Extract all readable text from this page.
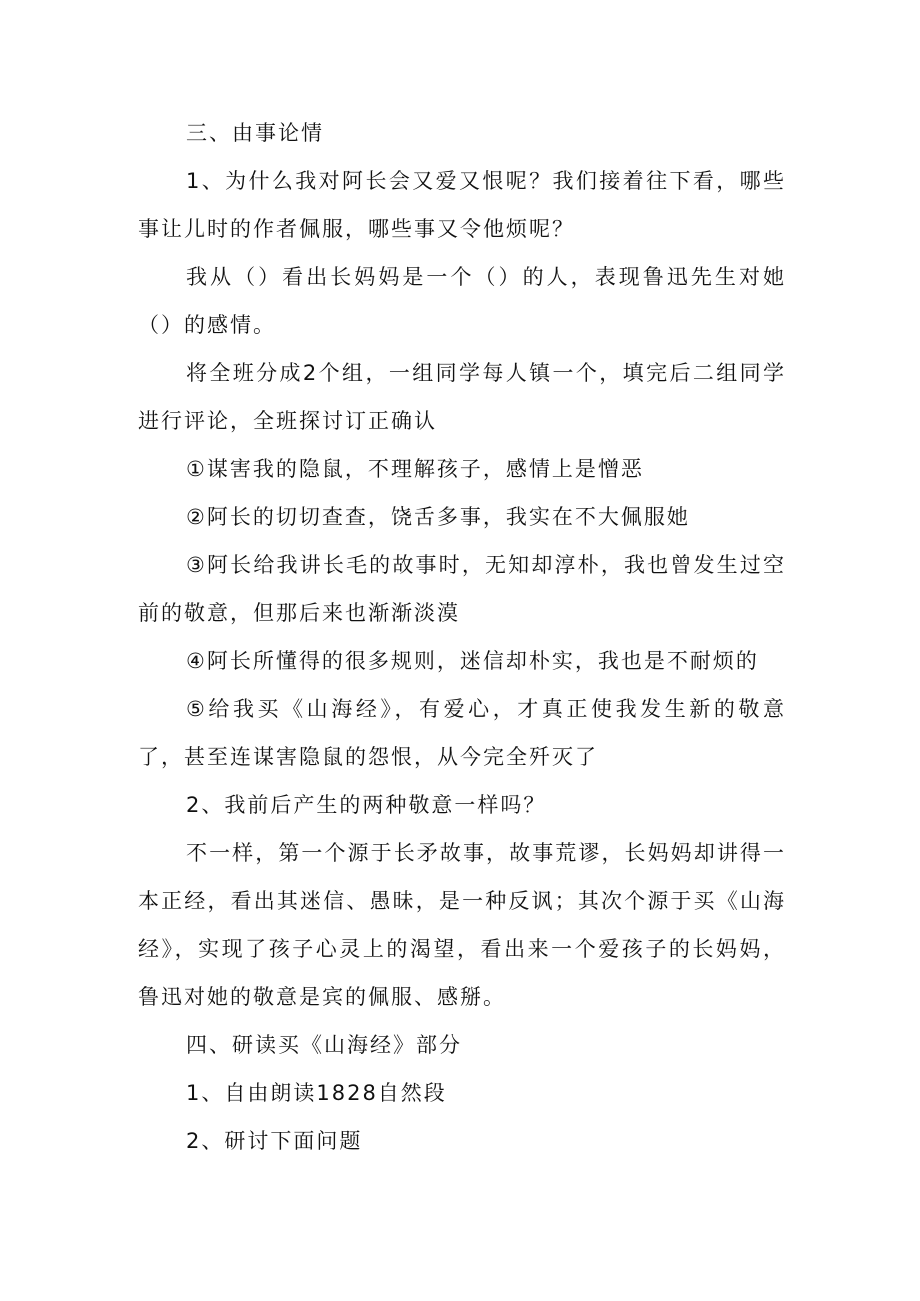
三、由事论情

1、为什么我对阿长会又爱又恨呢？我们接着往下看，哪些事让儿时的作者佩服，哪些事又令他烦呢？

我从（）看出长妈妈是一个（）的人，表现鲁迅先生对她（）的感情。

将全班分成2个组，一组同学每人镇一个，填完后二组同学进行评论，全班探讨订正确认

①谋害我的隐鼠，不理解孩子，感情上是憎恶

②阿长的切切查查，饶舌多事，我实在不大佩服她

③阿长给我讲长毛的故事时，无知却淳朴，我也曾发生过空前的敬意，但那后来也渐渐淡漠

④阿长所懂得的很多规则，迷信却朴实，我也是不耐烦的

⑤给我买《山海经》，有爱心，才真正使我发生新的敬意了，甚至连谋害隐鼠的怨恨，从今完全歼灭了

2、我前后产生的两种敬意一样吗？

不一样，第一个源于长矛故事，故事荒谬，长妈妈却讲得一本正经，看出其迷信、愚昧，是一种反讽；其次个源于买《山海经》，实现了孩子心灵上的渴望，看出来一个爱孩子的长妈妈，鲁迅对她的敬意是宾的佩服、感掰。

四、研读买《山海经》部分

1、自由朗读1828自然段

2、研讨下面问题
